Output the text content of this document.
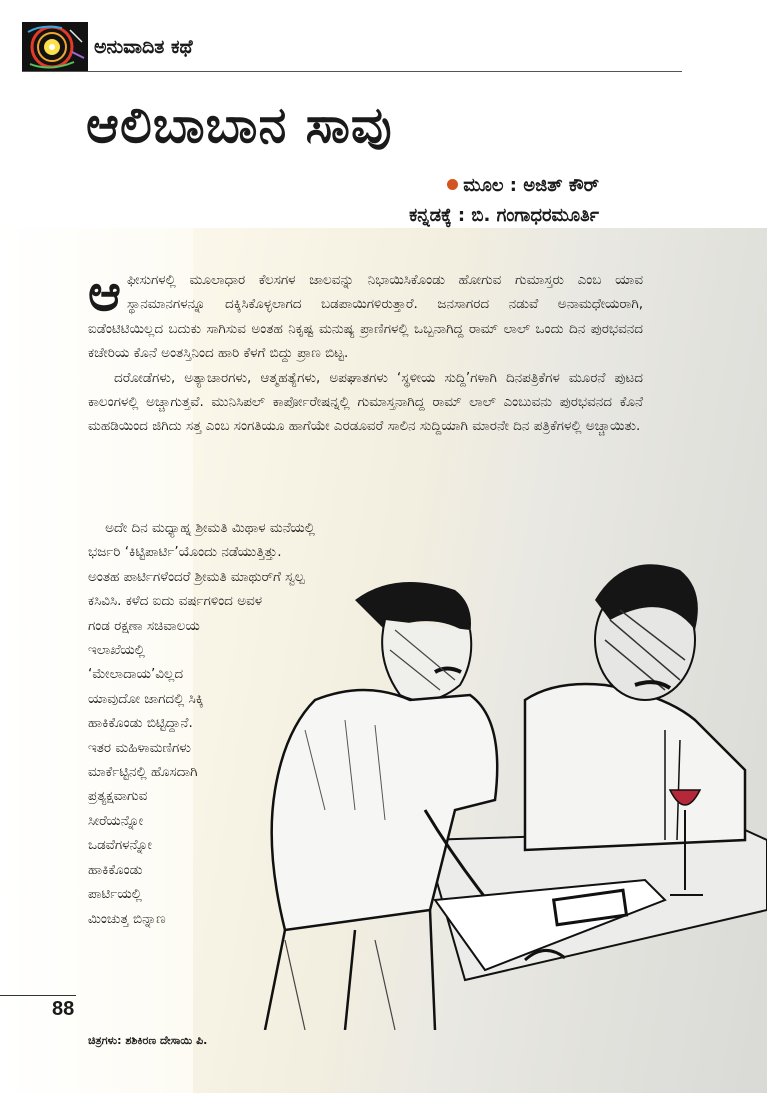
ಅನುವಾದಿತ ಕಥೆ
ಆಲಿಬಾಬಾನ ಸಾವು
ಮೂಲ : ಅಜಿತ್ ಕೌರ್
ಕನ್ನಡಕ್ಕೆ : ಬಿ. ಗಂಗಾಧರಮೂರ್ತಿ

ಆಫೀಸುಗಳಲ್ಲಿ ಮೂಲಾಧಾರ ಕೆಲಸಗಳ ಜಾಲವನ್ನು ನಿಭಾಯಿಸಿಕೊಂಡು ಹೋಗುವ ಗುಮಾಸ್ತರು ಎಂಬ ಯಾವ ಸ್ಥಾನಮಾನಗಳನ್ನೂ ದಕ್ಕಿಸಿಕೊಳ್ಳಲಾಗದ ಬಡಪಾಯಿಗಳಿರುತ್ತಾರೆ. ಜನಸಾಗರದ ನಡುವೆ ಅನಾಮಧೇಯರಾಗಿ, ಐಡೆಂಟಿಟಿಯಿಲ್ಲದ ಬದುಕು ಸಾಗಿಸುವ ಅಂತಹ ನಿಕೃಷ್ಟ ಮನುಷ್ಯ ಪ್ರಾಣಿಗಳಲ್ಲಿ ಒಬ್ಬನಾಗಿದ್ದ ರಾಮ್ ಲಾಲ್ ಒಂದು ದಿನ ಪುರಭವನದ ಕಚೇರಿಯ ಕೊನೆ ಅಂತಸ್ತಿನಿಂದ ಹಾರಿ ಕೆಳಗೆ ಬಿದ್ದು ಪ್ರಾಣ ಬಿಟ್ಟ.

ದರೋಡೆಗಳು, ಅತ್ಯಾಚಾರಗಳು, ಆತ್ಮಹತ್ಯೆಗಳು, ಅಪಘಾತಗಳು ‘ಸ್ಥಳೀಯ ಸುದ್ದಿ’ಗಳಾಗಿ ದಿನಪತ್ರಿಕೆಗಳ ಮೂರನೆ ಪುಟದ ಕಾಲಂಗಳಲ್ಲಿ ಅಚ್ಚಾಗುತ್ತವೆ. ಮುನಿಸಿಪಲ್ ಕಾರ್ಪೋರೇಷನ್ನಲ್ಲಿ ಗುಮಾಸ್ತನಾಗಿದ್ದ ರಾಮ್ ಲಾಲ್ ಎಂಬುವನು ಪುರಭವನದ ಕೊನೆ ಮಹಡಿಯಿಂದ ಜಿಗಿದು ಸತ್ತ ಎಂಬ ಸಂಗತಿಯೂ ಹಾಗೆಯೇ ಎರಡೂವರೆ ಸಾಲಿನ ಸುದ್ದಿಯಾಗಿ ಮಾರನೇ ದಿನ ಪತ್ರಿಕೆಗಳಲ್ಲಿ ಅಚ್ಚಾಯಿತು.

ಅದೇ ದಿನ ಮಧ್ಯಾಹ್ನ ಶ್ರೀಮತಿ ಮಿಥಾಳ ಮನೆಯಲ್ಲಿ

ಭರ್ಜರಿ ‘ಕಿಟ್ಟಿಪಾರ್ಟಿ’ಯೊಂದು ನಡೆಯುತ್ತಿತ್ತು.

ಅಂತಹ ಪಾರ್ಟಿಗಳೆಂದರೆ ಶ್ರೀಮತಿ ಮಾಥುರ್‌ಗೆ ಸ್ವಲ್ಪ

ಕಸಿವಿಸಿ. ಕಳೆದ ಐದು ವರ್ಷಗಳಿಂದ ಅವಳ

ಗಂಡ ರಕ್ಷಣಾ ಸಚಿವಾಲಯ

ಇಲಾಖೆಯಲ್ಲಿ

‘ಮೇಲಾದಾಯ’ವಿಲ್ಲದ

ಯಾವುದೋ ಜಾಗದಲ್ಲಿ ಸಿಕ್ಕಿ

ಹಾಕಿಕೊಂಡು ಬಿಟ್ಟಿದ್ದಾನೆ.

ಇತರ ಮಹಿಳಾಮಣಿಗಳು

ಮಾರ್ಕೆಟ್ಟಿನಲ್ಲಿ ಹೊಸದಾಗಿ

ಪ್ರತ್ಯಕ್ಷವಾಗುವ

ಸೀರೆಯನ್ನೋ

ಒಡವೆಗಳನ್ನೋ

ಹಾಕಿಕೊಂಡು

ಪಾರ್ಟಿಯಲ್ಲಿ

ಮಿಂಚುತ್ತ ಬಿನ್ನಾಣ

88
ಚಿತ್ರಗಳು: ಶಶಿಕಿರಣ ದೇಸಾಯಿ ಪಿ.
